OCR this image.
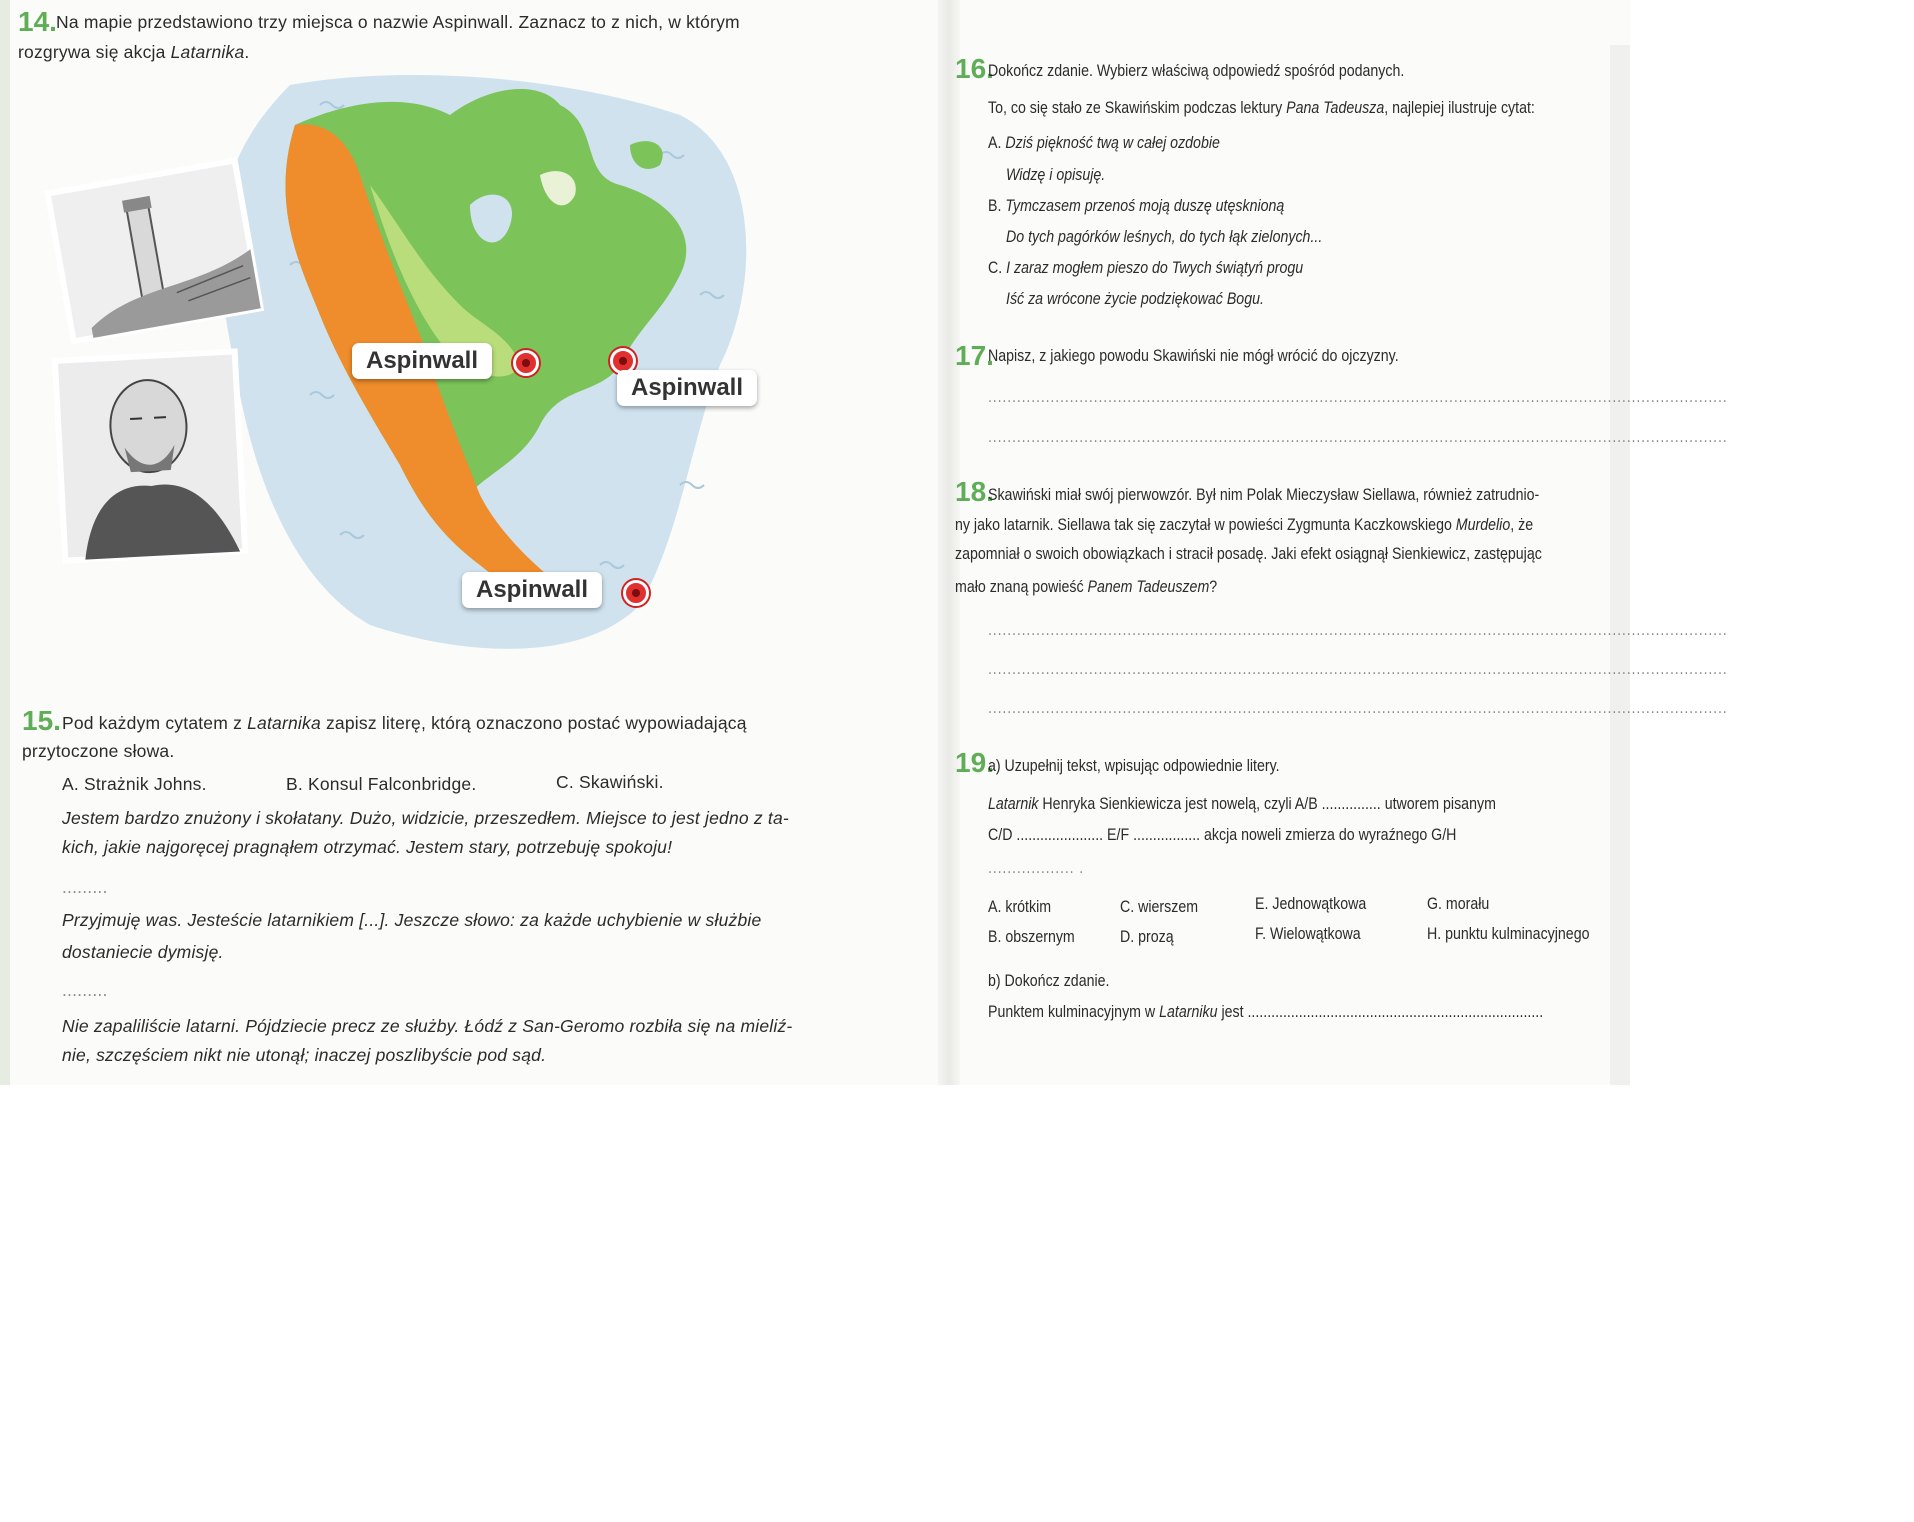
14. Na mapie przedstawiono trzy miejsca o nazwie Aspinwall. Zaznacz to z nich, w którym
rozgrywa się akcja Latarnika.
Aspinwall
Aspinwall
Aspinwall
15. Pod każdym cytatem z Latarnika zapisz literę, którą oznaczono postać wypowiadającą
przytoczone słowa.
A. Strażnik Johns.	B. Konsul Falconbridge.	C. Skawiński.
Jestem bardzo znużony i skołatany. Dużo, widzicie, przeszedłem. Miejsce to jest jedno z ta-
kich, jakie najgoręcej pragnąłem otrzymać. Jestem stary, potrzebuję spokoju!
.........
Przyjmuję was. Jesteście latarnikiem [...]. Jeszcze słowo: za każde uchybienie w służbie
dostaniecie dymisję.
.........
Nie zapaliliście latarni. Pójdziecie precz ze służby. Łódź z San-Geromo rozbiła się na mieliź-
nie, szczęściem nikt nie utonął; inaczej poszlibyście pod sąd.
16.
Dokończ zdanie. Wybierz właściwą odpowiedź spośród podanych.
To, co się stało ze Skawińskim podczas lektury Pana Tadeusza, najlepiej ilustruje cytat:
A. Dziś piękność twą w całej ozdobie
Widzę i opisuję.
B. Tymczasem przenoś moją duszę utęsknioną
Do tych pagórków leśnych, do tych łąk zielonych...
C. I zaraz mogłem pieszo do Twych świątyń progu
Iść za wrócone życie podziękować Bogu.
17.
Napisz, z jakiego powodu Skawiński nie mógł wrócić do ojczyzny.
..........................................................................................................................................................
..........................................................................................................................................................
18.
Skawiński miał swój pierwowzór. Był nim Polak Mieczysław Siellawa, również zatrudnio-
ny jako latarnik. Siellawa tak się zaczytał w powieści Zygmunta Kaczkowskiego Murdelio, że
zapomniał o swoich obowiązkach i stracił posadę. Jaki efekt osiągnął Sienkiewicz, zastępując
mało znaną powieść Panem Tadeuszem?
..........................................................................................................................................................
..........................................................................................................................................................
..........................................................................................................................................................
19.
a) Uzupełnij tekst, wpisując odpowiednie litery.
Latarnik Henryka Sienkiewicza jest nowelą, czyli A/B ............... utworem pisanym
C/D ...................... E/F ................. akcja noweli zmierza do wyraźnego G/H
.................. .
A. krótkim
B. obszernym
C. wierszem
D. prozą
E. Jednowątkowa
F. Wielowątkowa
G. morału
H. punktu kulminacyjnego
b) Dokończ zdanie.
Punktem kulminacyjnym w Latarniku jest ...........................................................................
